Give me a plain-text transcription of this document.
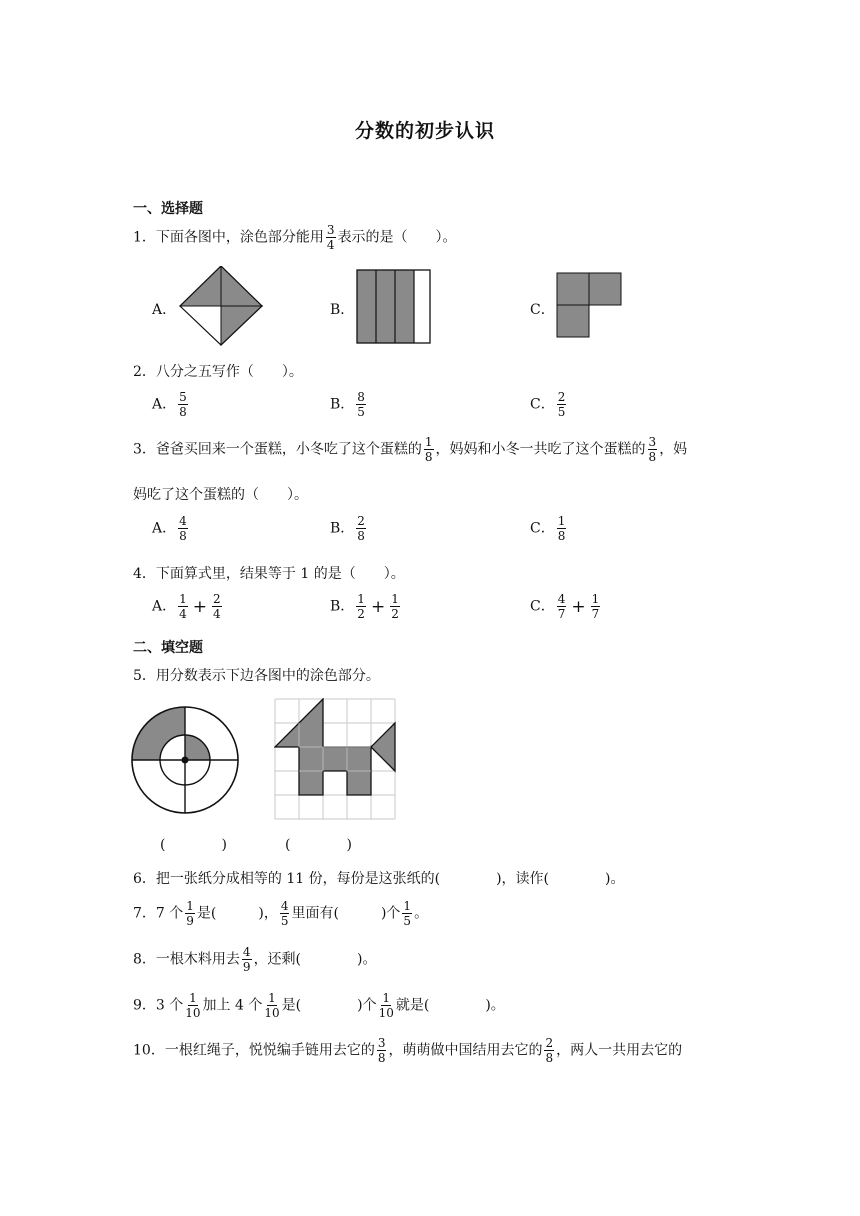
分数的初步认识
一、选择题
1．下面各图中，涂色部分能用 $\frac{3}{4}$ 表示的是（　　）。
A．	B．	C．
2．八分之五写作（　　）。
A． $\frac{5}{8}$	B． $\frac{8}{5}$	C． $\frac{2}{5}$
3．爸爸买回来一个蛋糕，小冬吃了这个蛋糕的 $\frac{1}{8}$ ，妈妈和小冬一共吃了这个蛋糕的 $\frac{3}{8}$ ，妈
妈吃了这个蛋糕的（　　）。
A． $\frac{4}{8}$	B． $\frac{2}{8}$	C． $\frac{1}{8}$
4．下面算式里，结果等于 1 的是（　　）。
A． $\frac{1}{4} + \frac{2}{4}$	B． $\frac{1}{2} + \frac{1}{2}$	C． $\frac{4}{7} + \frac{1}{7}$
二、填空题
5．用分数表示下边各图中的涂色部分。
(　　　　)	(　　　　)
6．把一张纸分成相等的 11 份，每份是这张纸的(　　　　)，读作(　　　　)。
7．7 个 $\frac{1}{9}$ 是(　　　)， $\frac{4}{5}$ 里面有(　　　)个 $\frac{1}{5}$ 。
8．一根木料用去 $\frac{4}{9}$ ，还剩(　　　　)。
9．3 个 $\frac{1}{10}$ 加上 4 个 $\frac{1}{10}$ 是(　　　　)个 $\frac{1}{10}$ 就是(　　　　)。
10．一根红绳子，悦悦编手链用去它的 $\frac{3}{8}$ ，萌萌做中国结用去它的 $\frac{2}{8}$ ，两人一共用去它的
